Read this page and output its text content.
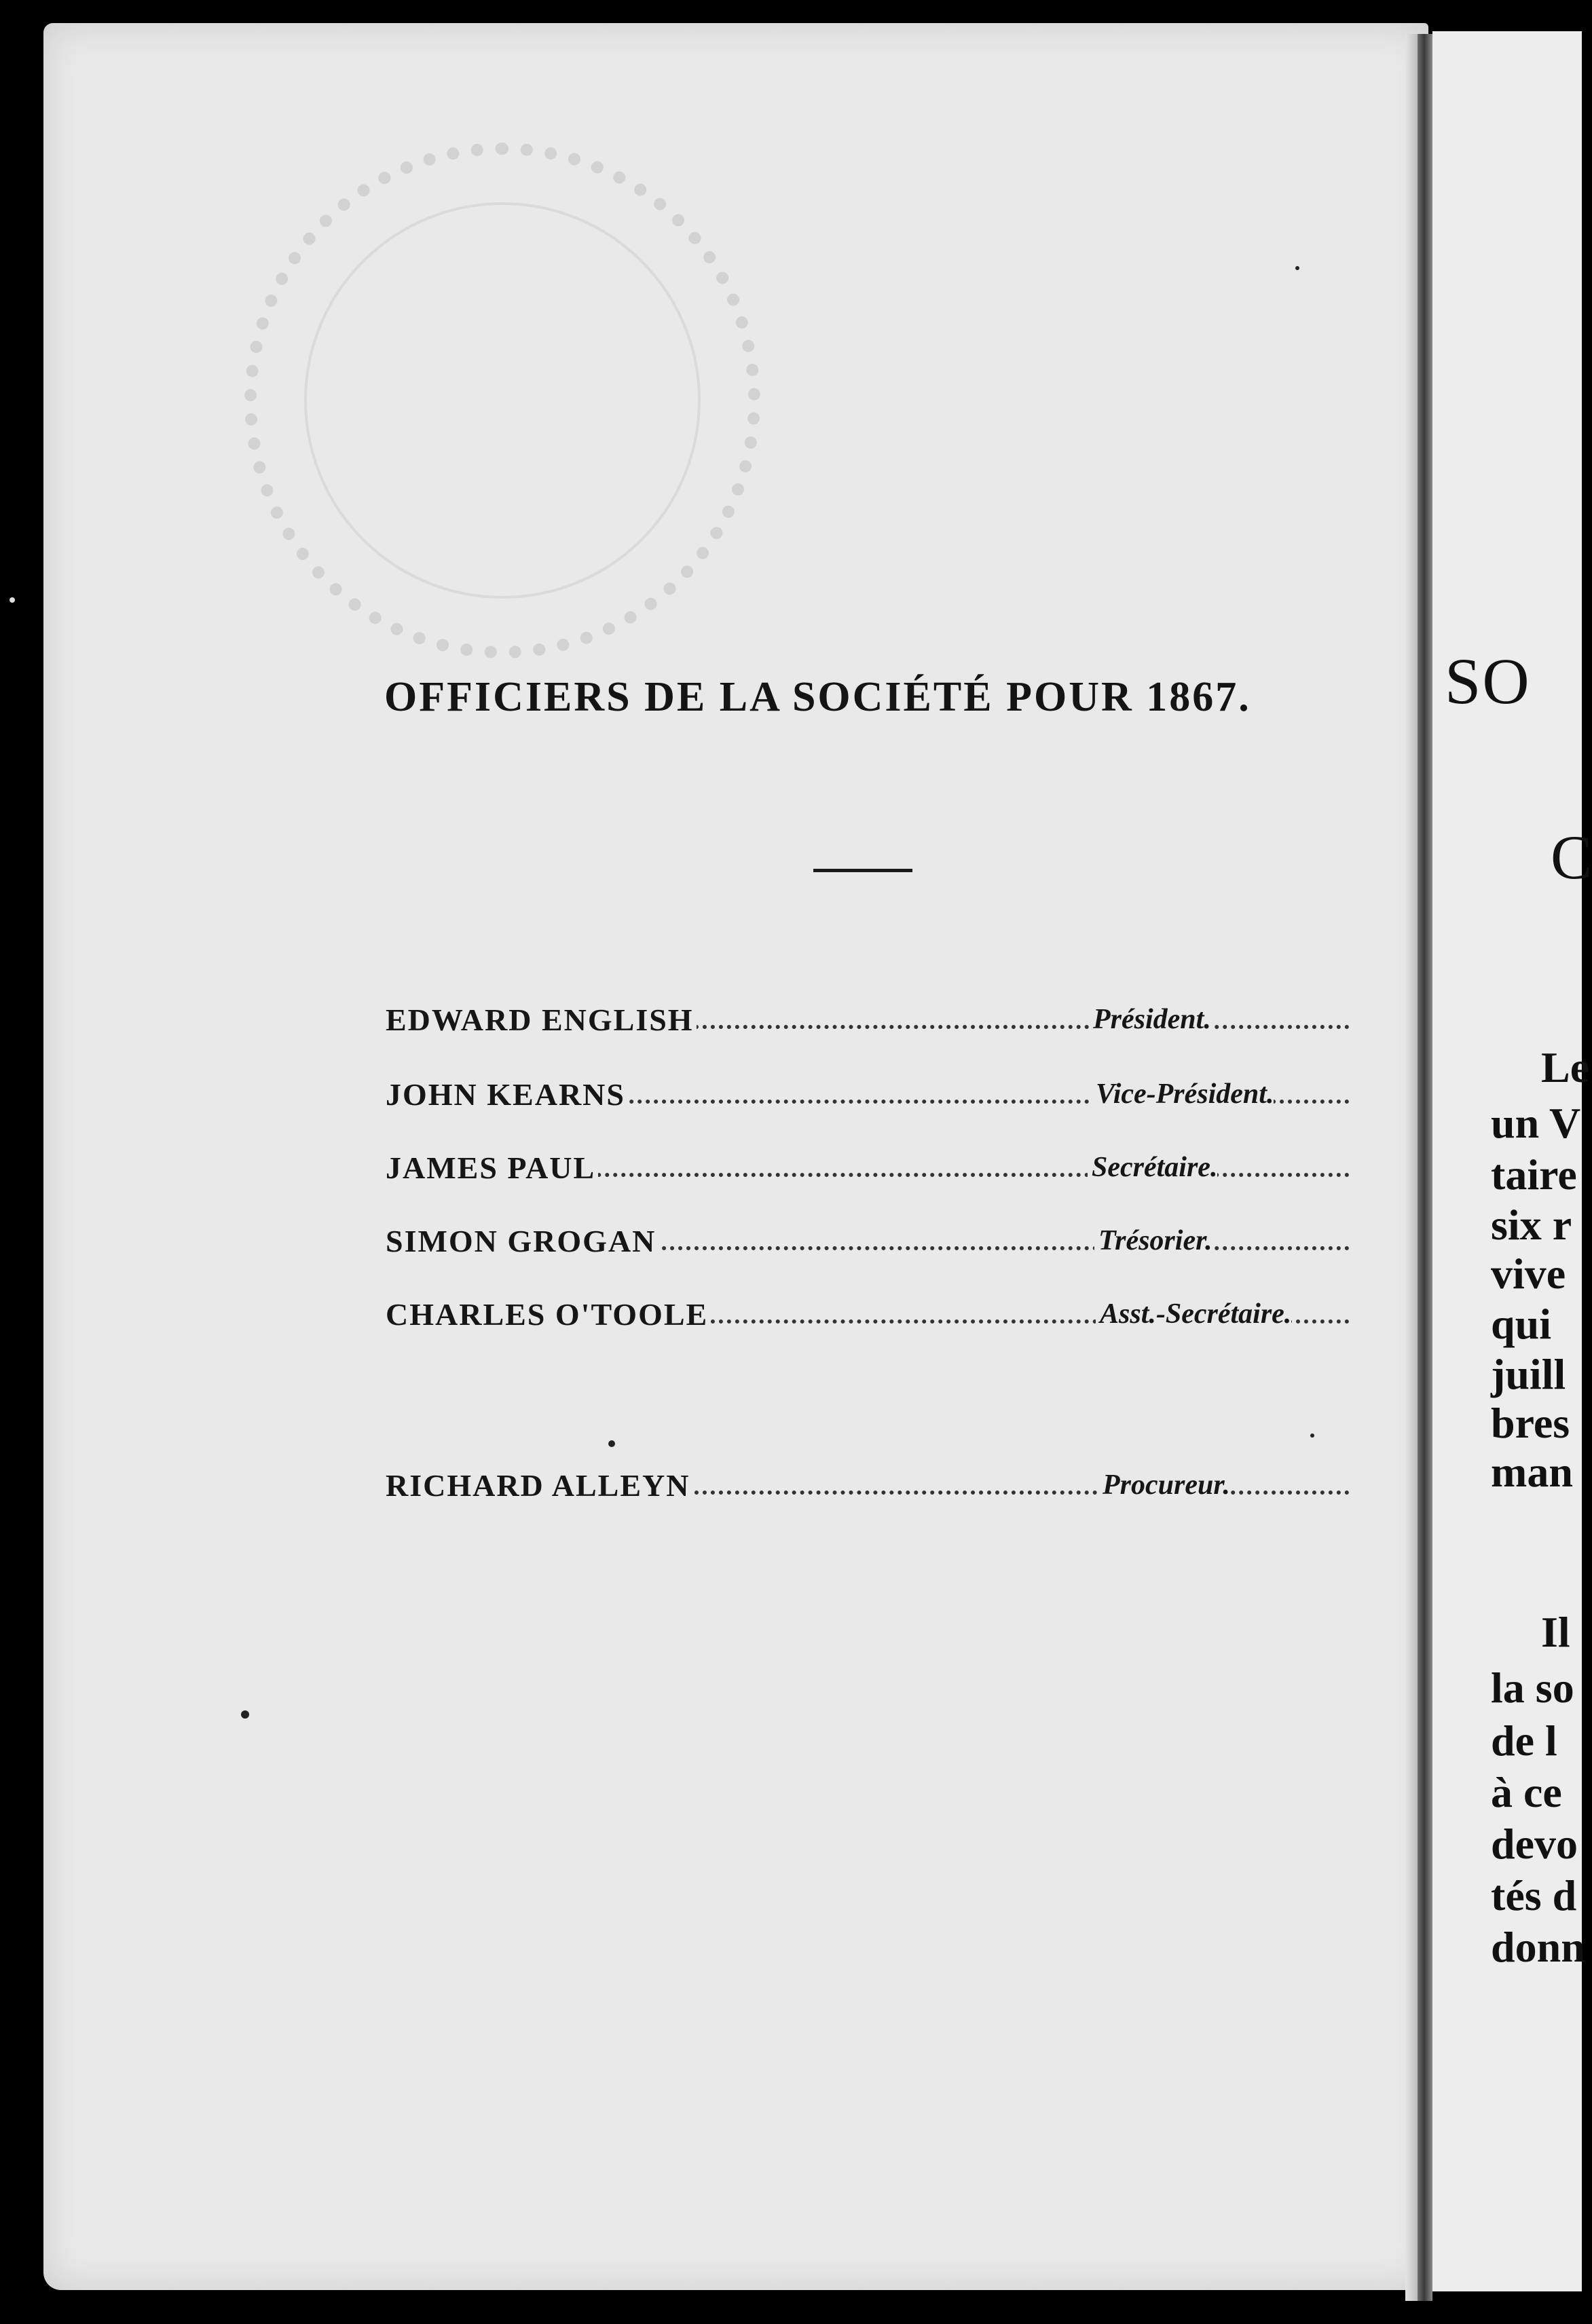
OFFICIERS DE LA SOCIÉTÉ POUR 1867.
EDWARD ENGLISH	Président.
JOHN KEARNS	Vice-Président.
JAMES PAUL	Secrétaire.
SIMON GROGAN	Trésorier.
CHARLES O'TOOLE	Asst.-Secrétaire.
RICHARD ALLEYN	Procureur.
SO
C
Le
un V
taire
six r
vive
qui
juill
bres
man
Il
la so
de l
à ce
devo
tés d
donn
